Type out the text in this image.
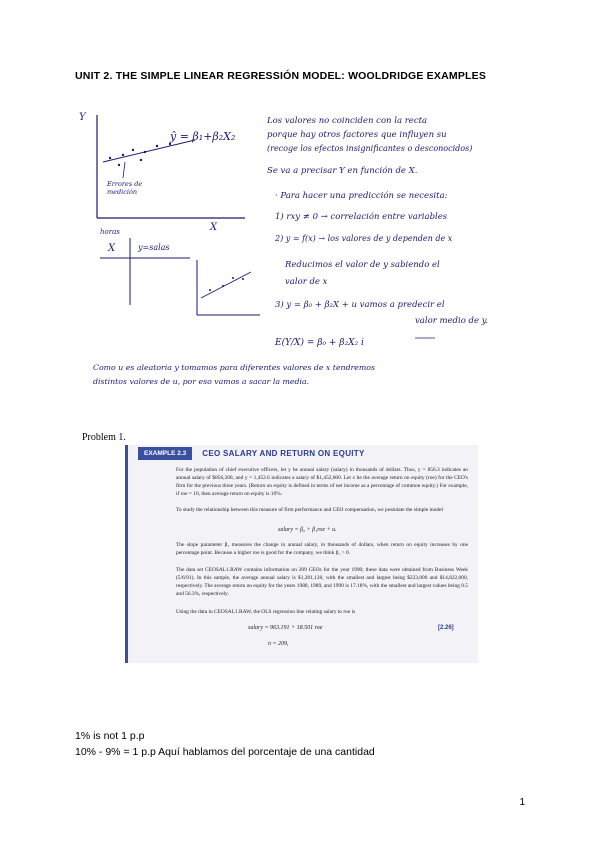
UNIT 2. THE SIMPLE LINEAR REGRESSIÓN MODEL: WOOLDRIDGE EXAMPLES
Y
X
ŷ = β₁+β₂X₂
Errores de medición
horas
X	y=salas
Los valores no coinciden con la recta
porque hay otros factores que influyen su
(recoge los efectos insignificantes o desconocidos)
Se va a precisar Y en función de X.
· Para hacer una predicción se necesita:
1) rxy ≠ 0 → correlación entre variables
2) y = f(x) → los valores de y dependen de x
Reducimos el valor de y sabiendo el
valor de x
3) y = β₀ + β₂X + u vamos a predecir el
valor medio de y.
E(Y/X) = β₀ + β₂X₂ i
Como u es aleatoria y tomamos para diferentes valores de x tendremos
distintos valores de u, por eso vamos a sacar la media.
Problem 1.
EXAMPLE 2.3	CEO SALARY AND RETURN ON EQUITY
For the population of chief executive officers, let y be annual salary (salary) in thousands of dollars. Thus, y = 856.3 indicates an annual salary of $856,300, and y = 1,452.6 indicates a salary of $1,452,600. Let x be the average return on equity (roe) for the CEO's firm for the previous three years. (Return on equity is defined in terms of net income as a percentage of common equity.) For example, if roe = 10, then average return on equity is 10%.
To study the relationship between this measure of firm performance and CEO compensation, we postulate the simple model
salary = β₀ + β₁roe + u.
The slope parameter β₁ measures the change in annual salary, in thousands of dollars, when return on equity increases by one percentage point. Because a higher roe is good for the company, we think β₁ > 0.
The data set CEOSAL1.RAW contains information on 209 CEOs for the year 1990; these data were obtained from Business Week (5/6/91). In this sample, the average annual salary is $1,281,120, with the smallest and largest being $223,000 and $14,822,000, respectively. The average return on equity for the years 1988, 1989, and 1990 is 17.18%, with the smallest and largest values being 0.5 and 56.3%, respectively.
Using the data in CEOSAL1.RAW, the OLS regression line relating salary to roe is
salary = 963.191 + 18.501 roe	[2.26]
n = 209,
1% is not 1 p.p
10% - 9% = 1 p.p Aquí hablamos del porcentaje de una cantidad
1
